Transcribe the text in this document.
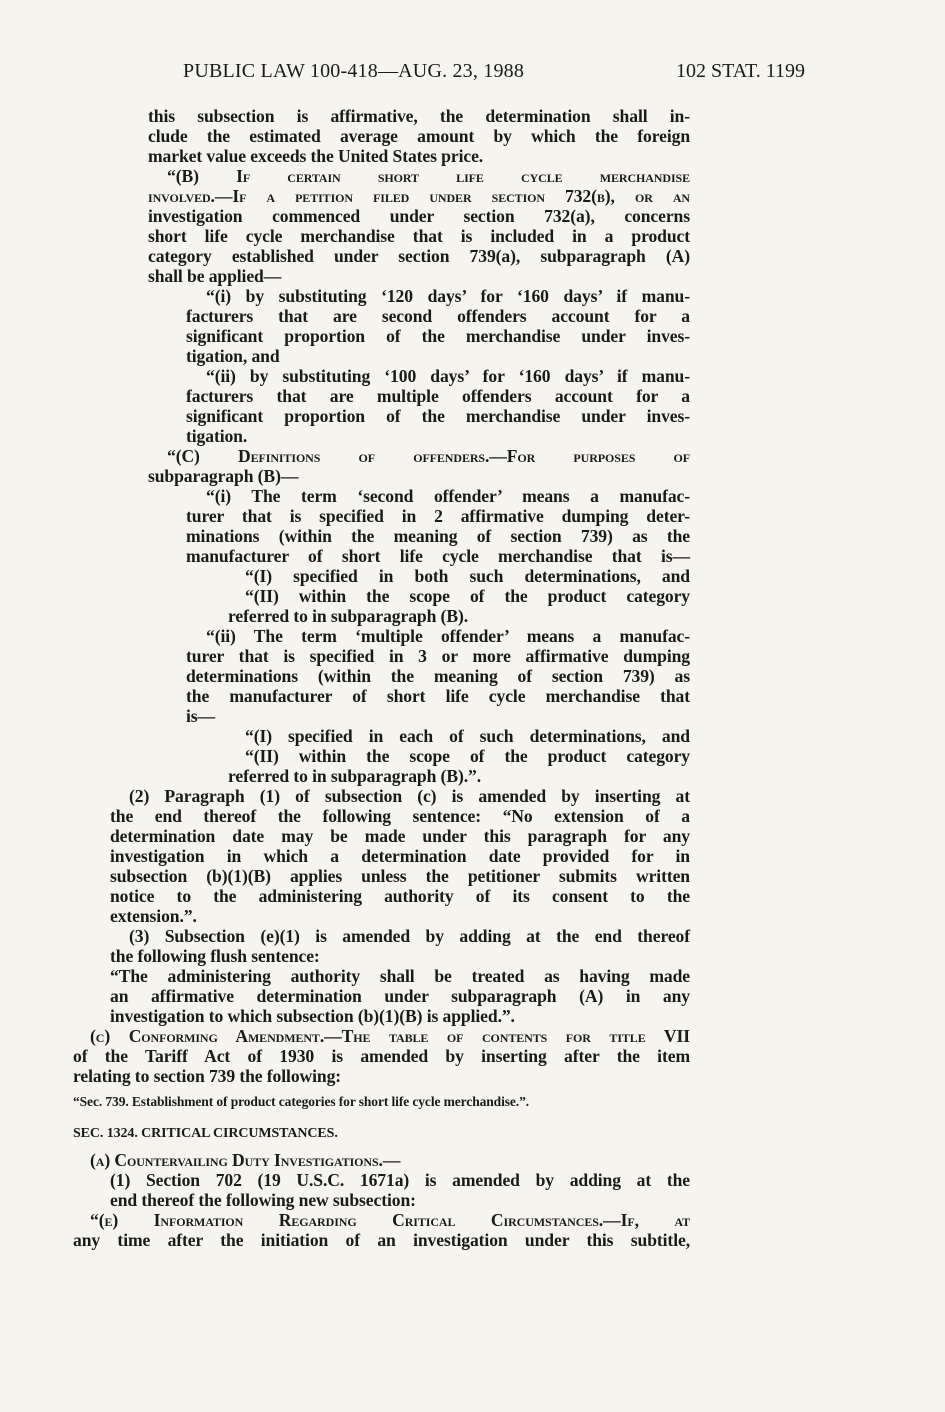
PUBLIC LAW 100-418—AUG. 23, 1988	102 STAT. 1199
this subsection is affirmative, the determination shall in-
clude the estimated average amount by which the foreign
market value exceeds the United States price.
“(B) If certain short life cycle merchandise
involved.—If a petition filed under section 732(b), or an
investigation commenced under section 732(a), concerns
short life cycle merchandise that is included in a product
category established under section 739(a), subparagraph (A)
shall be applied—
“(i) by substituting ‘120 days’ for ‘160 days’ if manu-
facturers that are second offenders account for a
significant proportion of the merchandise under inves-
tigation, and
“(ii) by substituting ‘100 days’ for ‘160 days’ if manu-
facturers that are multiple offenders account for a
significant proportion of the merchandise under inves-
tigation.
“(C) Definitions of offenders.—For purposes of
subparagraph (B)—
“(i) The term ‘second offender’ means a manufac-
turer that is specified in 2 affirmative dumping deter-
minations (within the meaning of section 739) as the
manufacturer of short life cycle merchandise that is—
“(I) specified in both such determinations, and
“(II) within the scope of the product category
referred to in subparagraph (B).
“(ii) The term ‘multiple offender’ means a manufac-
turer that is specified in 3 or more affirmative dumping
determinations (within the meaning of section 739) as
the manufacturer of short life cycle merchandise that
is—
“(I) specified in each of such determinations, and
“(II) within the scope of the product category
referred to in subparagraph (B).”.
(2) Paragraph (1) of subsection (c) is amended by inserting at
the end thereof the following sentence: “No extension of a
determination date may be made under this paragraph for any
investigation in which a determination date provided for in
subsection (b)(1)(B) applies unless the petitioner submits written
notice to the administering authority of its consent to the
extension.”.
(3) Subsection (e)(1) is amended by adding at the end thereof
the following flush sentence:
“The administering authority shall be treated as having made
an affirmative determination under subparagraph (A) in any
investigation to which subsection (b)(1)(B) is applied.”.
(c) Conforming Amendment.—The table of contents for title VII
of the Tariff Act of 1930 is amended by inserting after the item
relating to section 739 the following:
“Sec. 739. Establishment of product categories for short life cycle merchandise.”.
SEC. 1324. CRITICAL CIRCUMSTANCES.
(a) Countervailing Duty Investigations.—
(1) Section 702 (19 U.S.C. 1671a) is amended by adding at the
end thereof the following new subsection:
“(e) Information Regarding Critical Circumstances.—If, at
any time after the initiation of an investigation under this subtitle,
